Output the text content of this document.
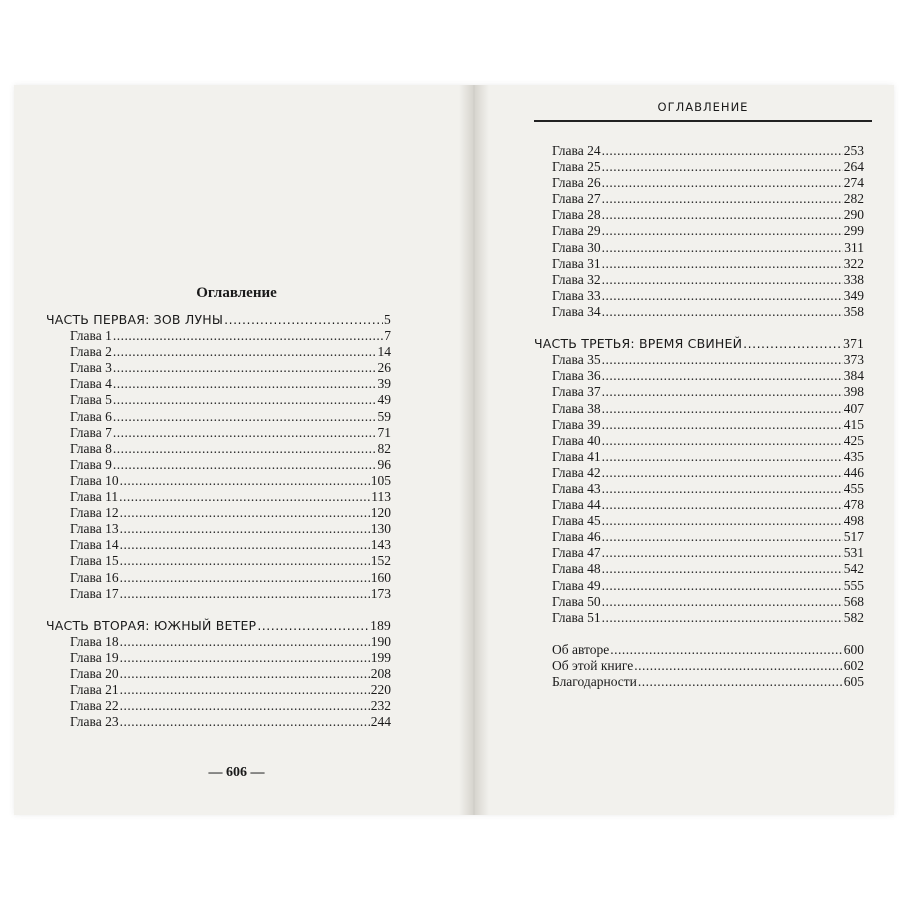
Оглавление
ЧАСТЬ ПЕРВАЯ: ЗОВ ЛУНЫ .....	5
Глава 1 .....	7
Глава 2 .....	14
Глава 3 .....	26
Глава 4 .....	39
Глава 5 .....	49
Глава 6 .....	59
Глава 7 .....	71
Глава 8 .....	82
Глава 9 .....	96
Глава 10 .....	105
Глава 11 .....	113
Глава 12 .....	120
Глава 13 .....	130
Глава 14 .....	143
Глава 15 .....	152
Глава 16 .....	160
Глава 17 .....	173
ЧАСТЬ ВТОРАЯ: ЮЖНЫЙ ВЕТЕР .....	189
Глава 18 .....	190
Глава 19 .....	199
Глава 20 .....	208
Глава 21 .....	220
Глава 22 .....	232
Глава 23 .....	244
— 606 —
ОГЛАВЛЕНИЕ
Глава 24 .....	253
Глава 25 .....	264
Глава 26 .....	274
Глава 27 .....	282
Глава 28 .....	290
Глава 29 .....	299
Глава 30 .....	311
Глава 31 .....	322
Глава 32 .....	338
Глава 33 .....	349
Глава 34 .....	358
ЧАСТЬ ТРЕТЬЯ: ВРЕМЯ СВИНЕЙ .....	371
Глава 35 .....	373
Глава 36 .....	384
Глава 37 .....	398
Глава 38 .....	407
Глава 39 .....	415
Глава 40 .....	425
Глава 41 .....	435
Глава 42 .....	446
Глава 43 .....	455
Глава 44 .....	478
Глава 45 .....	498
Глава 46 .....	517
Глава 47 .....	531
Глава 48 .....	542
Глава 49 .....	555
Глава 50 .....	568
Глава 51 .....	582
Об авторе .....	600
Об этой книге .....	602
Благодарности .....	605
